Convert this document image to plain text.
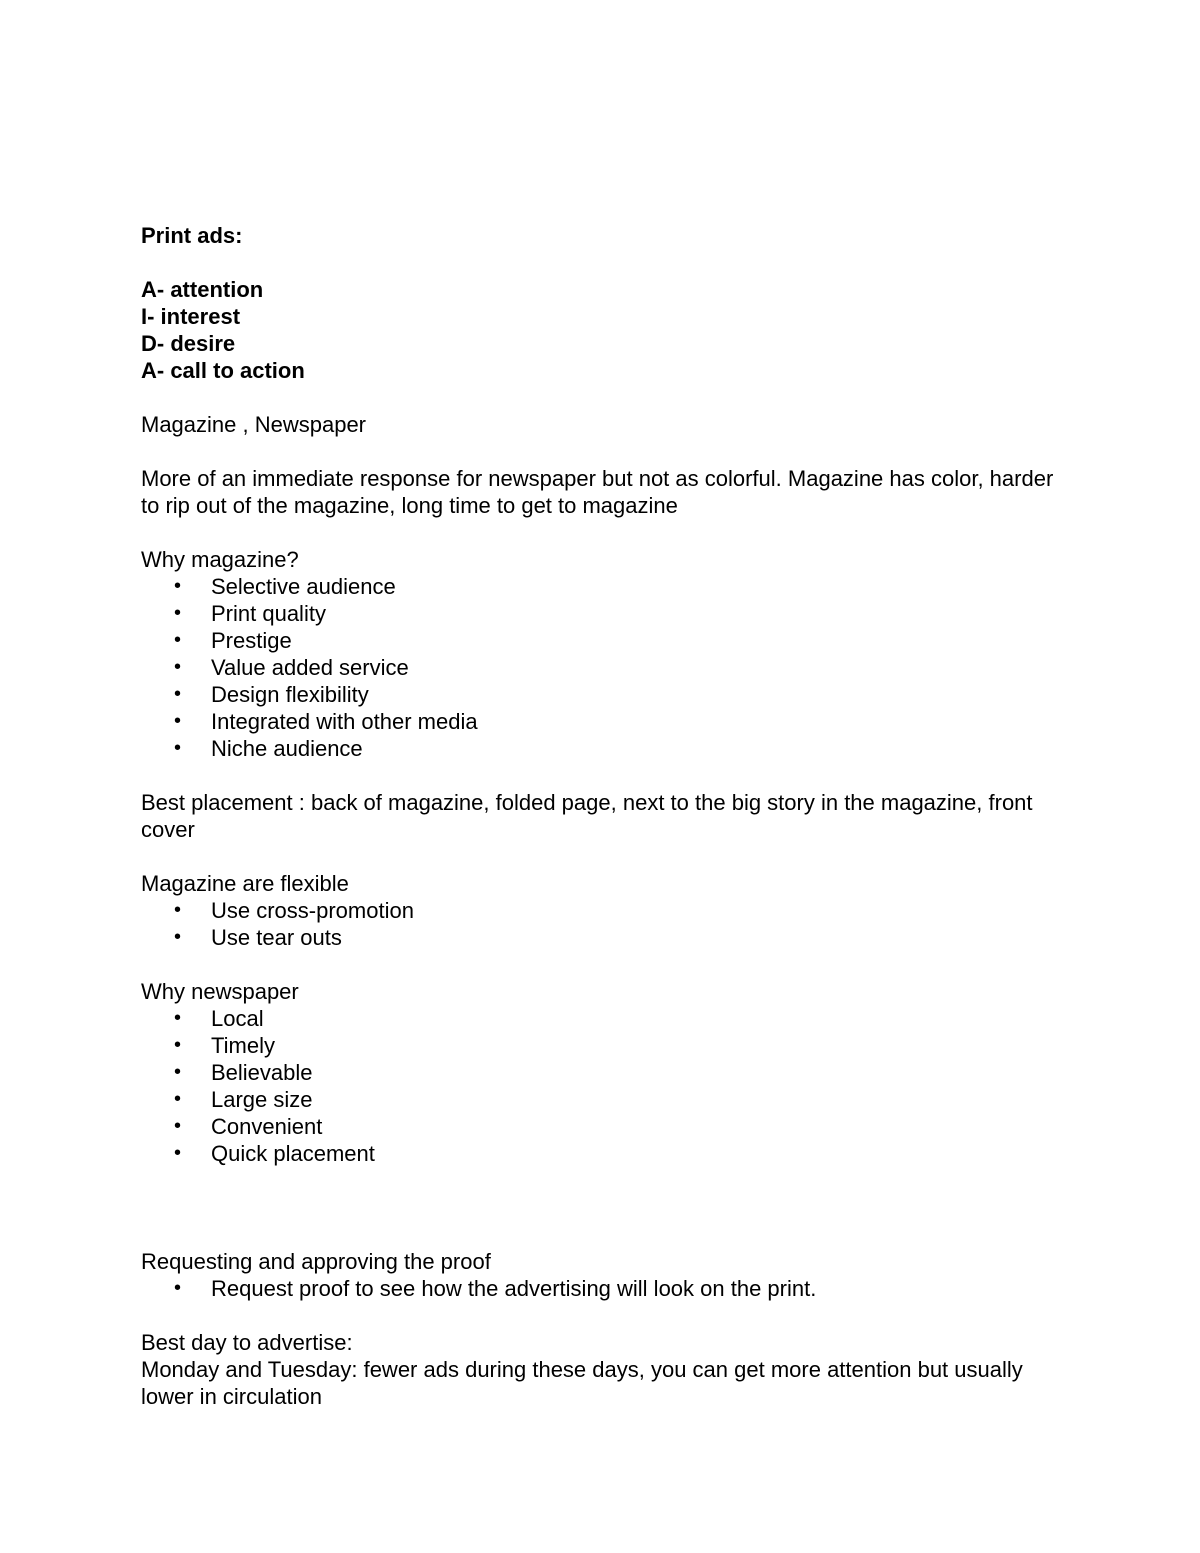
Print ads:

A- attention

I- interest

D- desire

A- call to action

Magazine , Newspaper

More of an immediate response for newspaper but not as colorful. Magazine has color, harder to rip out of the magazine, long time to get to magazine

Why magazine?

• Selective audience
• Print quality
• Prestige
• Value added service
• Design flexibility
• Integrated with other media
• Niche audience

Best placement : back of magazine, folded page, next to the big story in the magazine, front cover

Magazine are flexible

• Use cross-promotion
• Use tear outs

Why newspaper

• Local
• Timely
• Believable
• Large size
• Convenient
• Quick placement

Requesting and approving the proof

• Request proof to see how the advertising will look on the print.

Best day to advertise:

Monday and Tuesday: fewer ads during these days, you can get more attention but usually lower in circulation
